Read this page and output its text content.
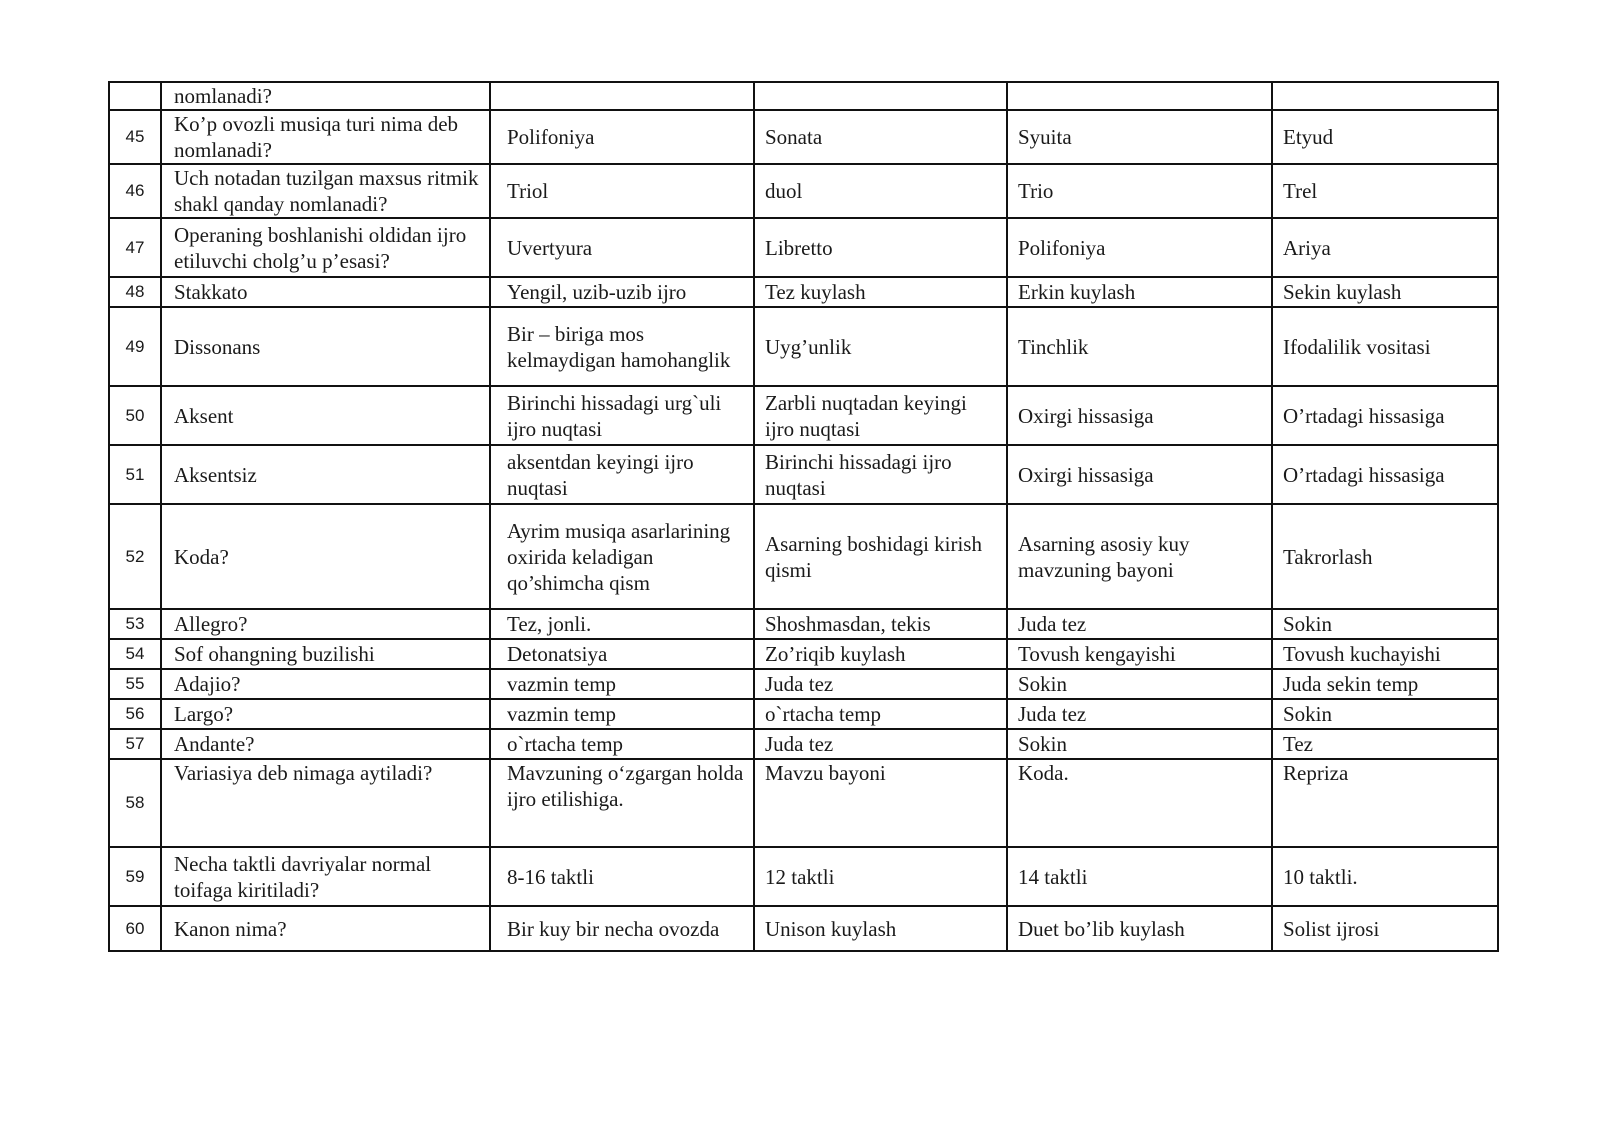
	nomlanadi?				
45	Ko’p ovozli musiqa turi nima deb nomlanadi?	Polifoniya	Sonata	Syuita	Etyud
46	Uch notadan tuzilgan maxsus ritmik shakl qanday nomlanadi?	Triol	duol	Trio	Trel
47	Operaning boshlanishi oldidan ijro etiluvchi cholg’u p’esasi?	Uvertyura	Libretto	Polifoniya	Ariya
48	Stakkato	Yengil, uzib-uzib ijro	Tez kuylash	Erkin kuylash	Sekin kuylash
49	Dissonans	Bir – biriga mos kelmaydigan hamohanglik	Uyg’unlik	Tinchlik	Ifodalilik vositasi
50	Aksent	Birinchi hissadagi urg`uli ijro nuqtasi	Zarbli nuqtadan keyingi ijro nuqtasi	Oxirgi hissasiga	O’rtadagi hissasiga
51	Aksentsiz	aksentdan keyingi ijro nuqtasi	Birinchi hissadagi ijro nuqtasi	Oxirgi hissasiga	O’rtadagi hissasiga
52	Koda?	Ayrim musiqa asarlarining oxirida keladigan qo’shimcha qism	Asarning boshidagi kirish qismi	Asarning asosiy kuy mavzuning bayoni	Takrorlash
53	Allegro?	Tez, jonli.	Shoshmasdan, tekis	Juda tez	Sokin
54	Sof ohangning buzilishi	Detonatsiya	Zo’riqib kuylash	Tovush kengayishi	Tovush kuchayishi
55	Adajio?	vazmin temp	Juda tez	Sokin	Juda sekin temp
56	Largo?	vazmin temp	o`rtacha temp	Juda tez	Sokin
57	Andante?	o`rtacha temp	Juda tez	Sokin	Tez
58	Variasiya deb nimaga aytiladi?	Mavzuning o‘zgargan holda ijro etilishiga.	Mavzu bayoni	Koda.	Repriza
59	Necha taktli davriyalar normal toifaga kiritiladi?	8-16 taktli	12 taktli	14 taktli	10 taktli.
60	Kanon nima?	Bir kuy bir necha ovozda	Unison kuylash	Duet bo’lib kuylash	Solist ijrosi
